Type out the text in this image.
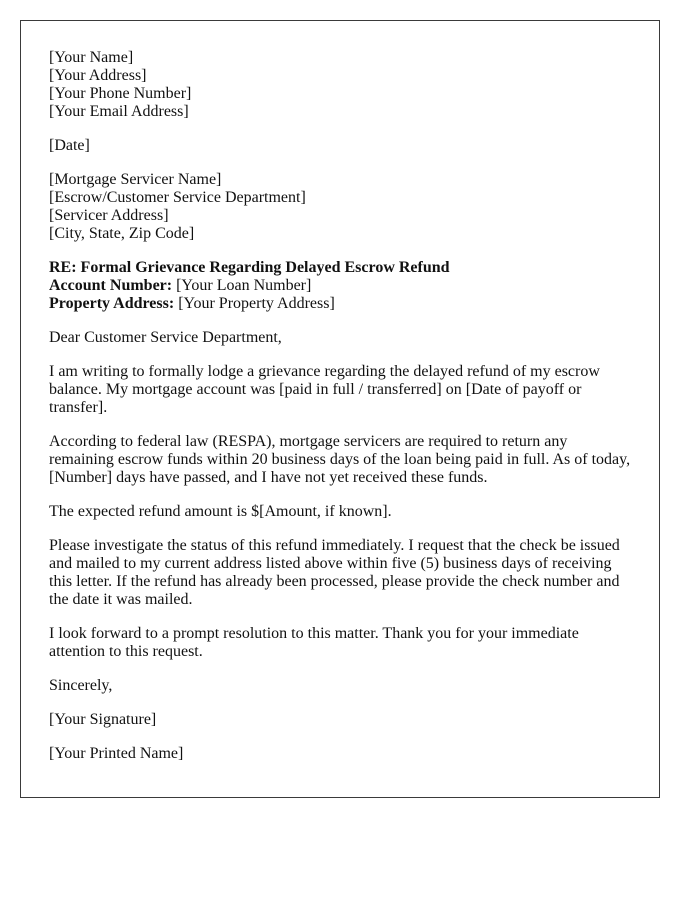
[Your Name]
[Your Address]
[Your Phone Number]
[Your Email Address]
[Date]
[Mortgage Servicer Name]
[Escrow/Customer Service Department]
[Servicer Address]
[City, State, Zip Code]
RE: Formal Grievance Regarding Delayed Escrow Refund
Account Number: [Your Loan Number]
Property Address: [Your Property Address]

Dear Customer Service Department,

I am writing to formally lodge a grievance regarding the delayed refund of my escrow balance. My mortgage account was [paid in full / transferred] on [Date of payoff or transfer].

According to federal law (RESPA), mortgage servicers are required to return any remaining escrow funds within 20 business days of the loan being paid in full. As of today, [Number] days have passed, and I have not yet received these funds.

The expected refund amount is $[Amount, if known].

Please investigate the status of this refund immediately. I request that the check be issued and mailed to my current address listed above within five (5) business days of receiving this letter. If the refund has already been processed, please provide the check number and the date it was mailed.

I look forward to a prompt resolution to this matter. Thank you for your immediate attention to this request.

Sincerely,

[Your Signature]

[Your Printed Name]
